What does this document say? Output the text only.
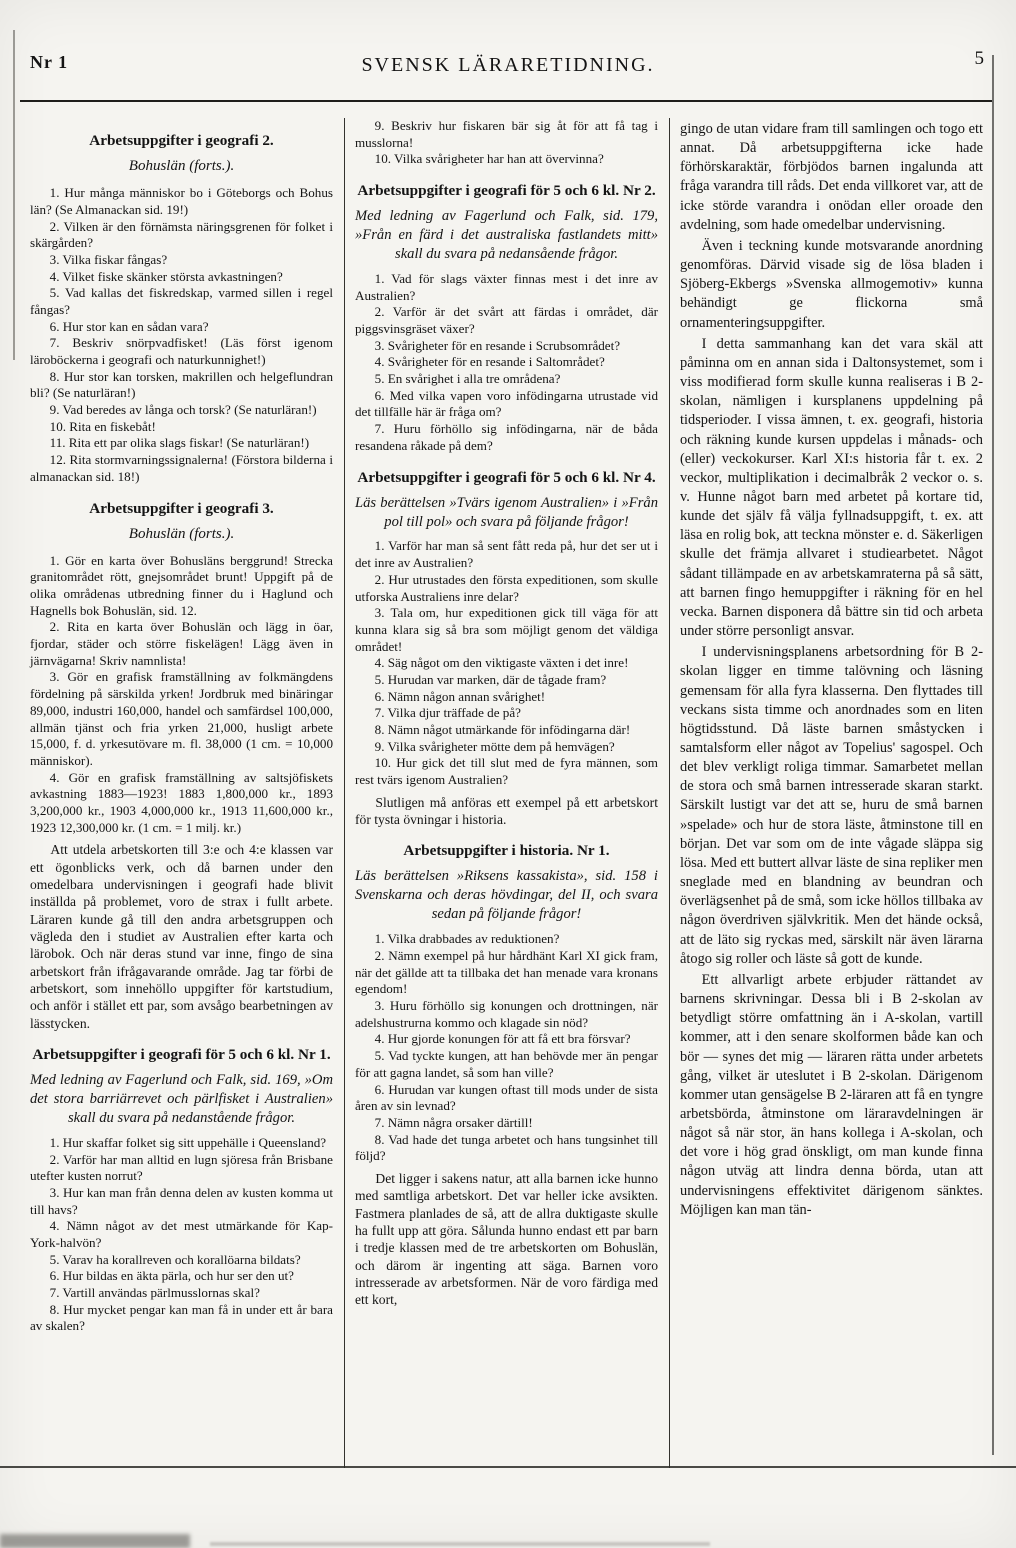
Nr 1	SVENSK LÄRARETIDNING.	5
Arbetsuppgifter i geografi 2.
Bohuslän (forts.).

1. Hur många människor bo i Göteborgs och Bohus län? (Se Almanackan sid. 19!)

2. Vilken är den förnämsta näringsgrenen för folket i skärgården?

3. Vilka fiskar fångas?

4. Vilket fiske skänker största avkastningen?

5. Vad kallas det fiskredskap, varmed sillen i regel fångas?

6. Hur stor kan en sådan vara?

7. Beskriv snörpvadfisket! (Läs först igenom läroböckerna i geografi och naturkunnighet!)

8. Hur stor kan torsken, makrillen och helgeflundran bli? (Se naturläran!)

9. Vad beredes av långa och torsk? (Se naturläran!)

10. Rita en fiskebåt!

11. Rita ett par olika slags fiskar! (Se naturläran!)

12. Rita stormvarningssignalerna! (Förstora bilderna i almanackan sid. 18!)

Arbetsuppgifter i geografi 3.
Bohuslän (forts.).

1. Gör en karta över Bohusläns berggrund! Strecka granitområdet rött, gnejsområdet brunt! Uppgift på de olika områdenas utbredning finner du i Haglund och Hagnells bok Bohuslän, sid. 12.

2. Rita en karta över Bohuslän och lägg in öar, fjordar, städer och större fiskelägen! Lägg även in järnvägarna! Skriv namnlista!

3. Gör en grafisk framställning av folkmängdens fördelning på särskilda yrken! Jordbruk med binäringar 89,000, industri 160,000, handel och samfärdsel 100,000, allmän tjänst och fria yrken 21,000, husligt arbete 15,000, f. d. yrkesutövare m. fl. 38,000 (1 cm. = 10,000 människor).

4. Gör en grafisk framställning av saltsjöfiskets avkastning 1883—1923! 1883 1,800,000 kr., 1893 3,200,000 kr., 1903 4,000,000 kr., 1913 11,600,000 kr., 1923 12,300,000 kr. (1 cm. = 1 milj. kr.)

Att utdela arbetskorten till 3:e och 4:e klassen var ett ögonblicks verk, och då barnen under den omedelbara undervisningen i geografi hade blivit inställda på problemet, voro de strax i fullt arbete. Läraren kunde gå till den andra arbetsgruppen och vägleda den i studiet av Australien efter karta och lärobok. Och när deras stund var inne, fingo de sina arbetskort från ifrågavarande område. Jag tar förbi de arbetskort, som innehöllo uppgifter för kartstudium, och anför i stället ett par, som avsågo bearbetningen av lässtycken.

Arbetsuppgifter i geografi för 5 och 6 kl. Nr 1.

Med ledning av Fagerlund och Falk, sid. 169, »Om det stora barriärrevet och pärlfisket i Australien» skall du svara på nedanstående frågor.

1. Hur skaffar folket sig sitt uppehälle i Queensland?

2. Varför har man alltid en lugn sjöresa från Brisbane utefter kusten norrut?

3. Hur kan man från denna delen av kusten komma ut till havs?

4. Nämn något av det mest utmärkande för Kap-York-halvön?

5. Varav ha korallreven och korallöarna bildats?

6. Hur bildas en äkta pärla, och hur ser den ut?

7. Vartill användas pärlmusslornas skal?

8. Hur mycket pengar kan man få in under ett år bara av skalen?

9. Beskriv hur fiskaren bär sig åt för att få tag i musslorna!

10. Vilka svårigheter har han att övervinna?

Arbetsuppgifter i geografi för 5 och 6 kl. Nr 2.

Med ledning av Fagerlund och Falk, sid. 179, »Från en färd i det australiska fastlandets mitt» skall du svara på nedansående frågor.

1. Vad för slags växter finnas mest i det inre av Australien?

2. Varför är det svårt att färdas i området, där piggsvinsgräset växer?

3. Svårigheter för en resande i Scrubsområdet?

4. Svårigheter för en resande i Saltområdet?

5. En svårighet i alla tre områdena?

6. Med vilka vapen voro infödingarna utrustade vid det tillfälle här är fråga om?

7. Huru förhöllo sig infödingarna, när de båda resandena råkade på dem?

Arbetsuppgifter i geografi för 5 och 6 kl. Nr 4.

Läs berättelsen »Tvärs igenom Australien» i »Från pol till pol» och svara på följande frågor!

1. Varför har man så sent fått reda på, hur det ser ut i det inre av Australien?

2. Hur utrustades den första expeditionen, som skulle utforska Australiens inre delar?

3. Tala om, hur expeditionen gick till väga för att kunna klara sig så bra som möjligt genom det väldiga området!

4. Säg något om den viktigaste växten i det inre!

5. Hurudan var marken, där de tågade fram?

6. Nämn någon annan svårighet!

7. Vilka djur träffade de på?

8. Nämn något utmärkande för infödingarna där!

9. Vilka svårigheter mötte dem på hemvägen?

10. Hur gick det till slut med de fyra männen, som rest tvärs igenom Australien?

Slutligen må anföras ett exempel på ett arbetskort för tysta övningar i historia.

Arbetsuppgifter i historia. Nr 1.

Läs berättelsen »Riksens kassakista», sid. 158 i Svenskarna och deras hövdingar, del II, och svara sedan på följande frågor!

1. Vilka drabbades av reduktionen?

2. Nämn exempel på hur hårdhänt Karl XI gick fram, när det gällde att ta tillbaka det han menade vara kronans egendom!

3. Huru förhöllo sig konungen och drottningen, när adelshustrurna kommo och klagade sin nöd?

4. Hur gjorde konungen för att få ett bra försvar?

5. Vad tyckte kungen, att han behövde mer än pengar för att gagna landet, så som han ville?

6. Hurudan var kungen oftast till mods under de sista åren av sin levnad?

7. Nämn några orsaker därtill!

8. Vad hade det tunga arbetet och hans tungsinhet till följd?

Det ligger i sakens natur, att alla barnen icke hunno med samtliga arbetskort. Det var heller icke avsikten. Fastmera planlades de så, att de allra duktigaste skulle ha fullt upp att göra. Sålunda hunno endast ett par barn i tredje klassen med de tre arbetskorten om Bohuslän, och därom är ingenting att säga. Barnen voro intresserade av arbetsformen. När de voro färdiga med ett kort,

gingo de utan vidare fram till samlingen och togo ett annat. Då arbetsuppgifterna icke hade förhörskaraktär, förbjödos barnen ingalunda att fråga varandra till råds. Det enda villkoret var, att de icke störde varandra i onödan eller oroade den avdelning, som hade omedelbar undervisning.

Även i teckning kunde motsvarande anordning genomföras. Därvid visade sig de lösa bladen i Sjöberg-Ekbergs »Svenska allmogemotiv» kunna behändigt ge flickorna små ornamenteringsuppgifter.

I detta sammanhang kan det vara skäl att påminna om en annan sida i Daltonsystemet, som i viss modifierad form skulle kunna realiseras i B 2-skolan, nämligen i kursplanens uppdelning på tidsperioder. I vissa ämnen, t. ex. geografi, historia och räkning kunde kursen uppdelas i månads- och (eller) veckokurser. Karl XI:s historia får t. ex. 2 veckor, multiplikation i decimalbråk 2 veckor o. s. v. Hunne något barn med arbetet på kortare tid, kunde det själv få välja fyllnadsuppgift, t. ex. att läsa en rolig bok, att teckna mönster e. d. Säkerligen skulle det främja allvaret i studiearbetet. Något sådant tillämpade en av arbetskamraterna på så sätt, att barnen fingo hemuppgifter i räkning för en hel vecka. Barnen disponera då bättre sin tid och arbeta under större personligt ansvar.

I undervisningsplanens arbetsordning för B 2-skolan ligger en timme talövning och läsning gemensam för alla fyra klasserna. Den flyttades till veckans sista timme och anordnades som en liten högtidsstund. Då läste barnen småstycken i samtalsform eller något av Topelius' sagospel. Och det blev verkligt roliga timmar. Samarbetet mellan de stora och små barnen intresserade skaran starkt. Särskilt lustigt var det att se, huru de små barnen »spelade» och hur de stora läste, åtminstone till en början. Det var som om de inte vågade släppa sig lösa. Med ett buttert allvar läste de sina repliker men sneglade med en blandning av beundran och överlägsenhet på de små, som icke höllos tillbaka av någon överdriven självkritik. Men det hände också, att de läto sig ryckas med, särskilt när även lärarna åtogo sig roller och läste så gott de kunde.

Ett allvarligt arbete erbjuder rättandet av barnens skrivningar. Dessa bli i B 2-skolan av betydligt större omfattning än i A-skolan, vartill kommer, att i den senare skolformen både kan och bör — synes det mig — läraren rätta under arbetets gång, vilket är uteslutet i B 2-skolan. Därigenom kommer utan gensägelse B 2-läraren att få en tyngre arbetsbörda, åtminstone om läraravdelningen är något så när stor, än hans kollega i A-skolan, och det vore i hög grad önskligt, om man kunde finna någon utväg att lindra denna börda, utan att undervisningens effektivitet därigenom sänktes. Möjligen kan man tän-
